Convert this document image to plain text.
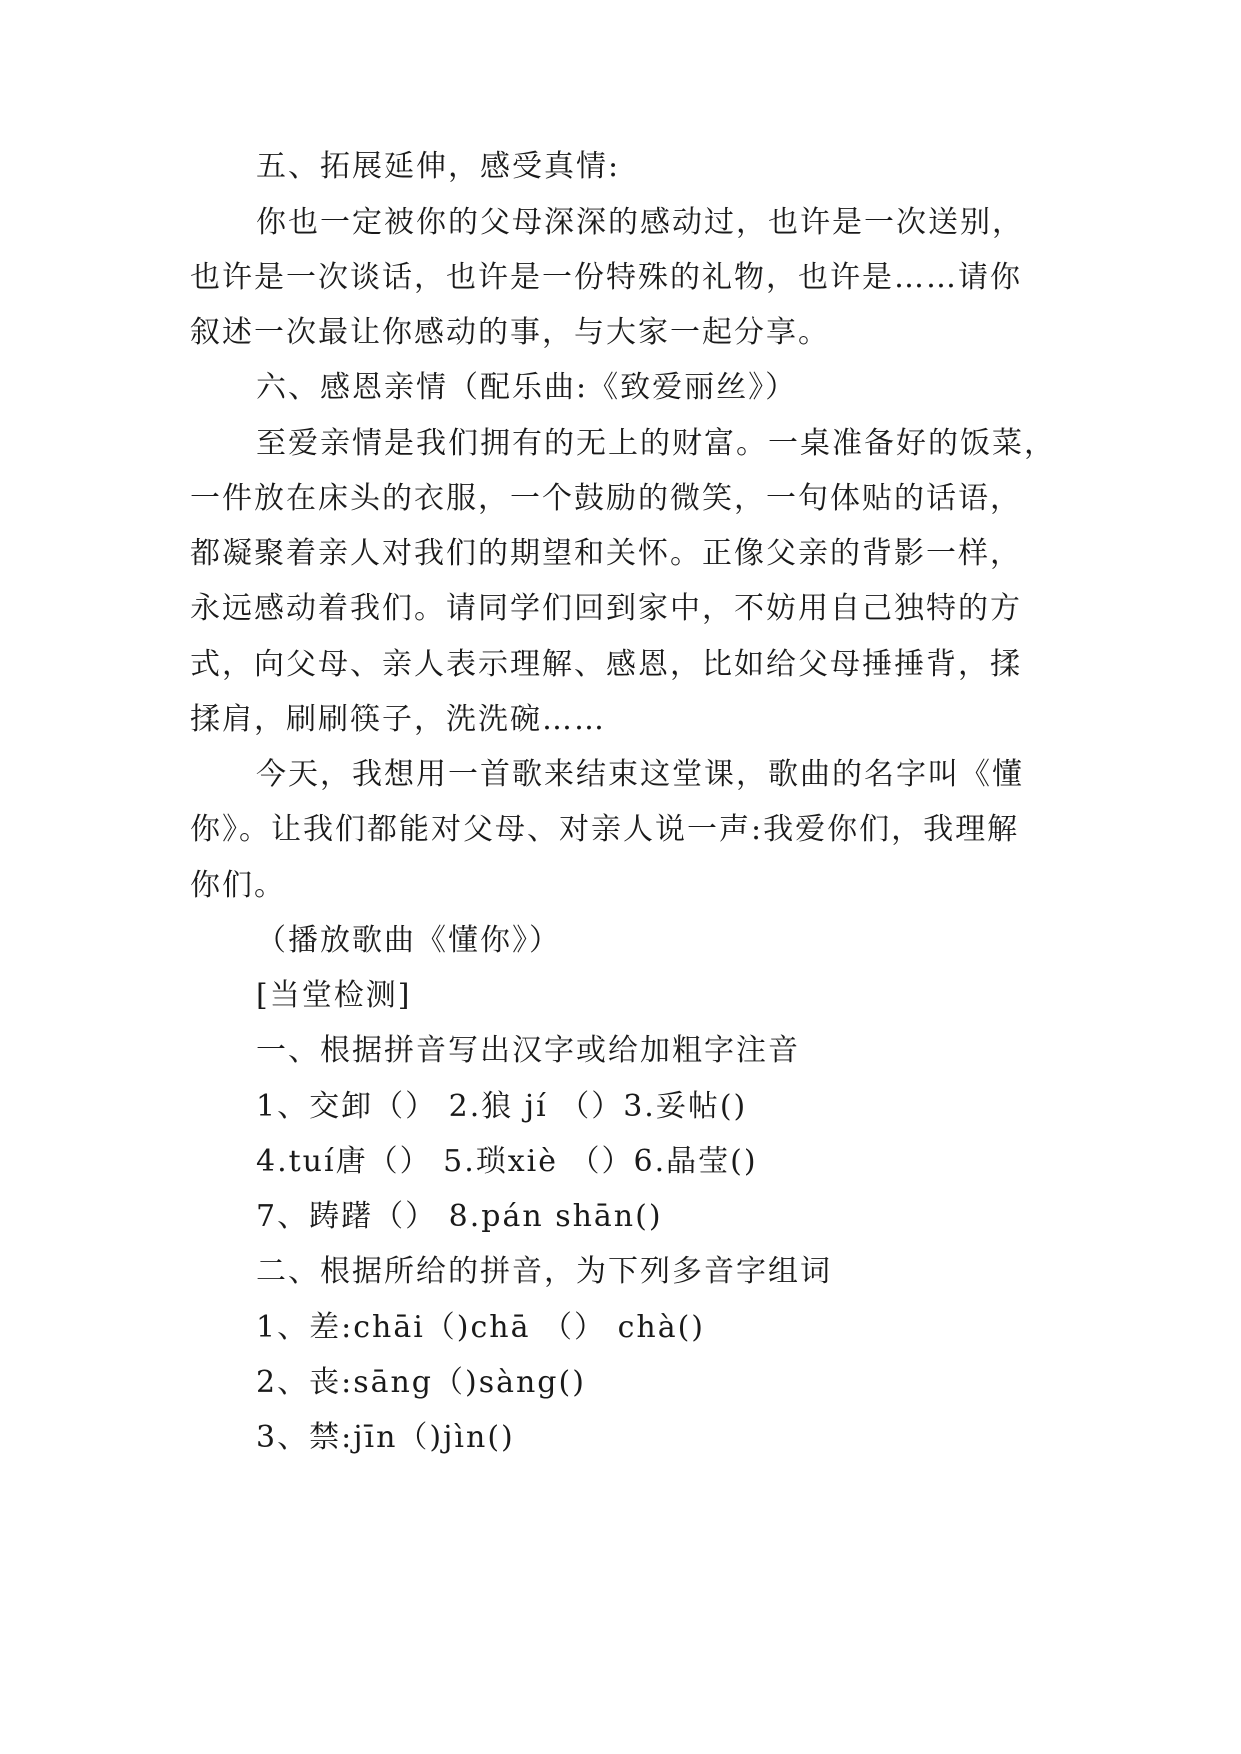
五、拓展延伸，感受真情:
你也一定被你的父母深深的感动过，也许是一次送别，
也许是一次谈话，也许是一份特殊的礼物，也许是……请你
叙述一次最让你感动的事，与大家一起分享。
六、感恩亲情（配乐曲:《致爱丽丝》）
至爱亲情是我们拥有的无上的财富。一桌准备好的饭菜，
一件放在床头的衣服，一个鼓励的微笑，一句体贴的话语，
都凝聚着亲人对我们的期望和关怀。正像父亲的背影一样，
永远感动着我们。请同学们回到家中，不妨用自己独特的方
式，向父母、亲人表示理解、感恩，比如给父母捶捶背，揉
揉肩，刷刷筷子，洗洗碗……
今天，我想用一首歌来结束这堂课，歌曲的名字叫《懂
你》。让我们都能对父母、对亲人说一声:我爱你们，我理解
你们。
（播放歌曲《懂你》）
[当堂检测]
一、根据拼音写出汉字或给加粗字注音
1、交卸（） 2.狼 jí （）3.妥帖()
4.tuí唐（） 5.琐xiè （）6.晶莹()
7、踌躇（） 8.pán shān()
二、根据所给的拼音，为下列多音字组词
1、差:chāi（)chā （） chà()
2、丧:sāng（)sàng()
3、禁:jīn（)jìn()
